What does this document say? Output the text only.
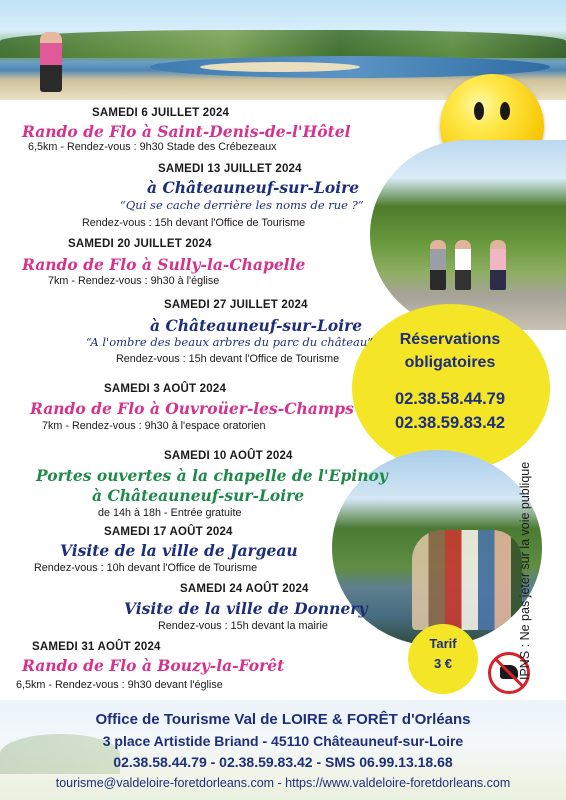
Réservations
obligatoires
02.38.58.44.79
02.38.59.83.42
Tarif
3 €	IPNS : Ne pas jeter sur la voie publique
SAMEDI 6 JUILLET 2024
Rando de Flo à Saint-Denis-de-l'Hôtel
6,5km - Rendez-vous : 9h30 Stade des Crébezeaux
SAMEDI 13 JUILLET 2024
à Châteauneuf-sur-Loire
“Qui se cache derrière les noms de rue ?”
Rendez-vous : 15h devant l'Office de Tourisme
SAMEDI 20 JUILLET 2024
Rando de Flo à Sully-la-Chapelle
7km - Rendez-vous : 9h30 à l'église
SAMEDI 27 JUILLET 2024
à Châteauneuf-sur-Loire
“A l'ombre des beaux arbres du parc du château”
Rendez-vous : 15h devant l'Office de Tourisme
SAMEDI 3 AOÛT 2024
Rando de Flo à Ouvroüer-les-Champs
7km - Rendez-vous : 9h30 à l'espace oratorien
SAMEDI 10 AOÛT 2024
Portes ouvertes à la chapelle de l'Epinoy
à Châteauneuf-sur-Loire
de 14h à 18h - Entrée gratuite
SAMEDI 17 AOÛT 2024
Visite de la ville de Jargeau
Rendez-vous : 10h devant l'Office de Tourisme
SAMEDI 24 AOÛT 2024
Visite de la ville de Donnery
Rendez-vous : 15h devant la mairie
SAMEDI 31 AOÛT 2024
Rando de Flo à Bouzy-la-Forêt
6,5km - Rendez-vous : 9h30 devant l'église
Office de Tourisme Val de LOIRE & FORÊT d'Orléans
3 place Artistide Briand - 45110 Châteauneuf-sur-Loire
02.38.58.44.79 - 02.38.59.83.42 - SMS 06.99.13.18.68
tourisme@valdeloire-foretdorleans.com - https://www.valdeloire-foretdorleans.com
